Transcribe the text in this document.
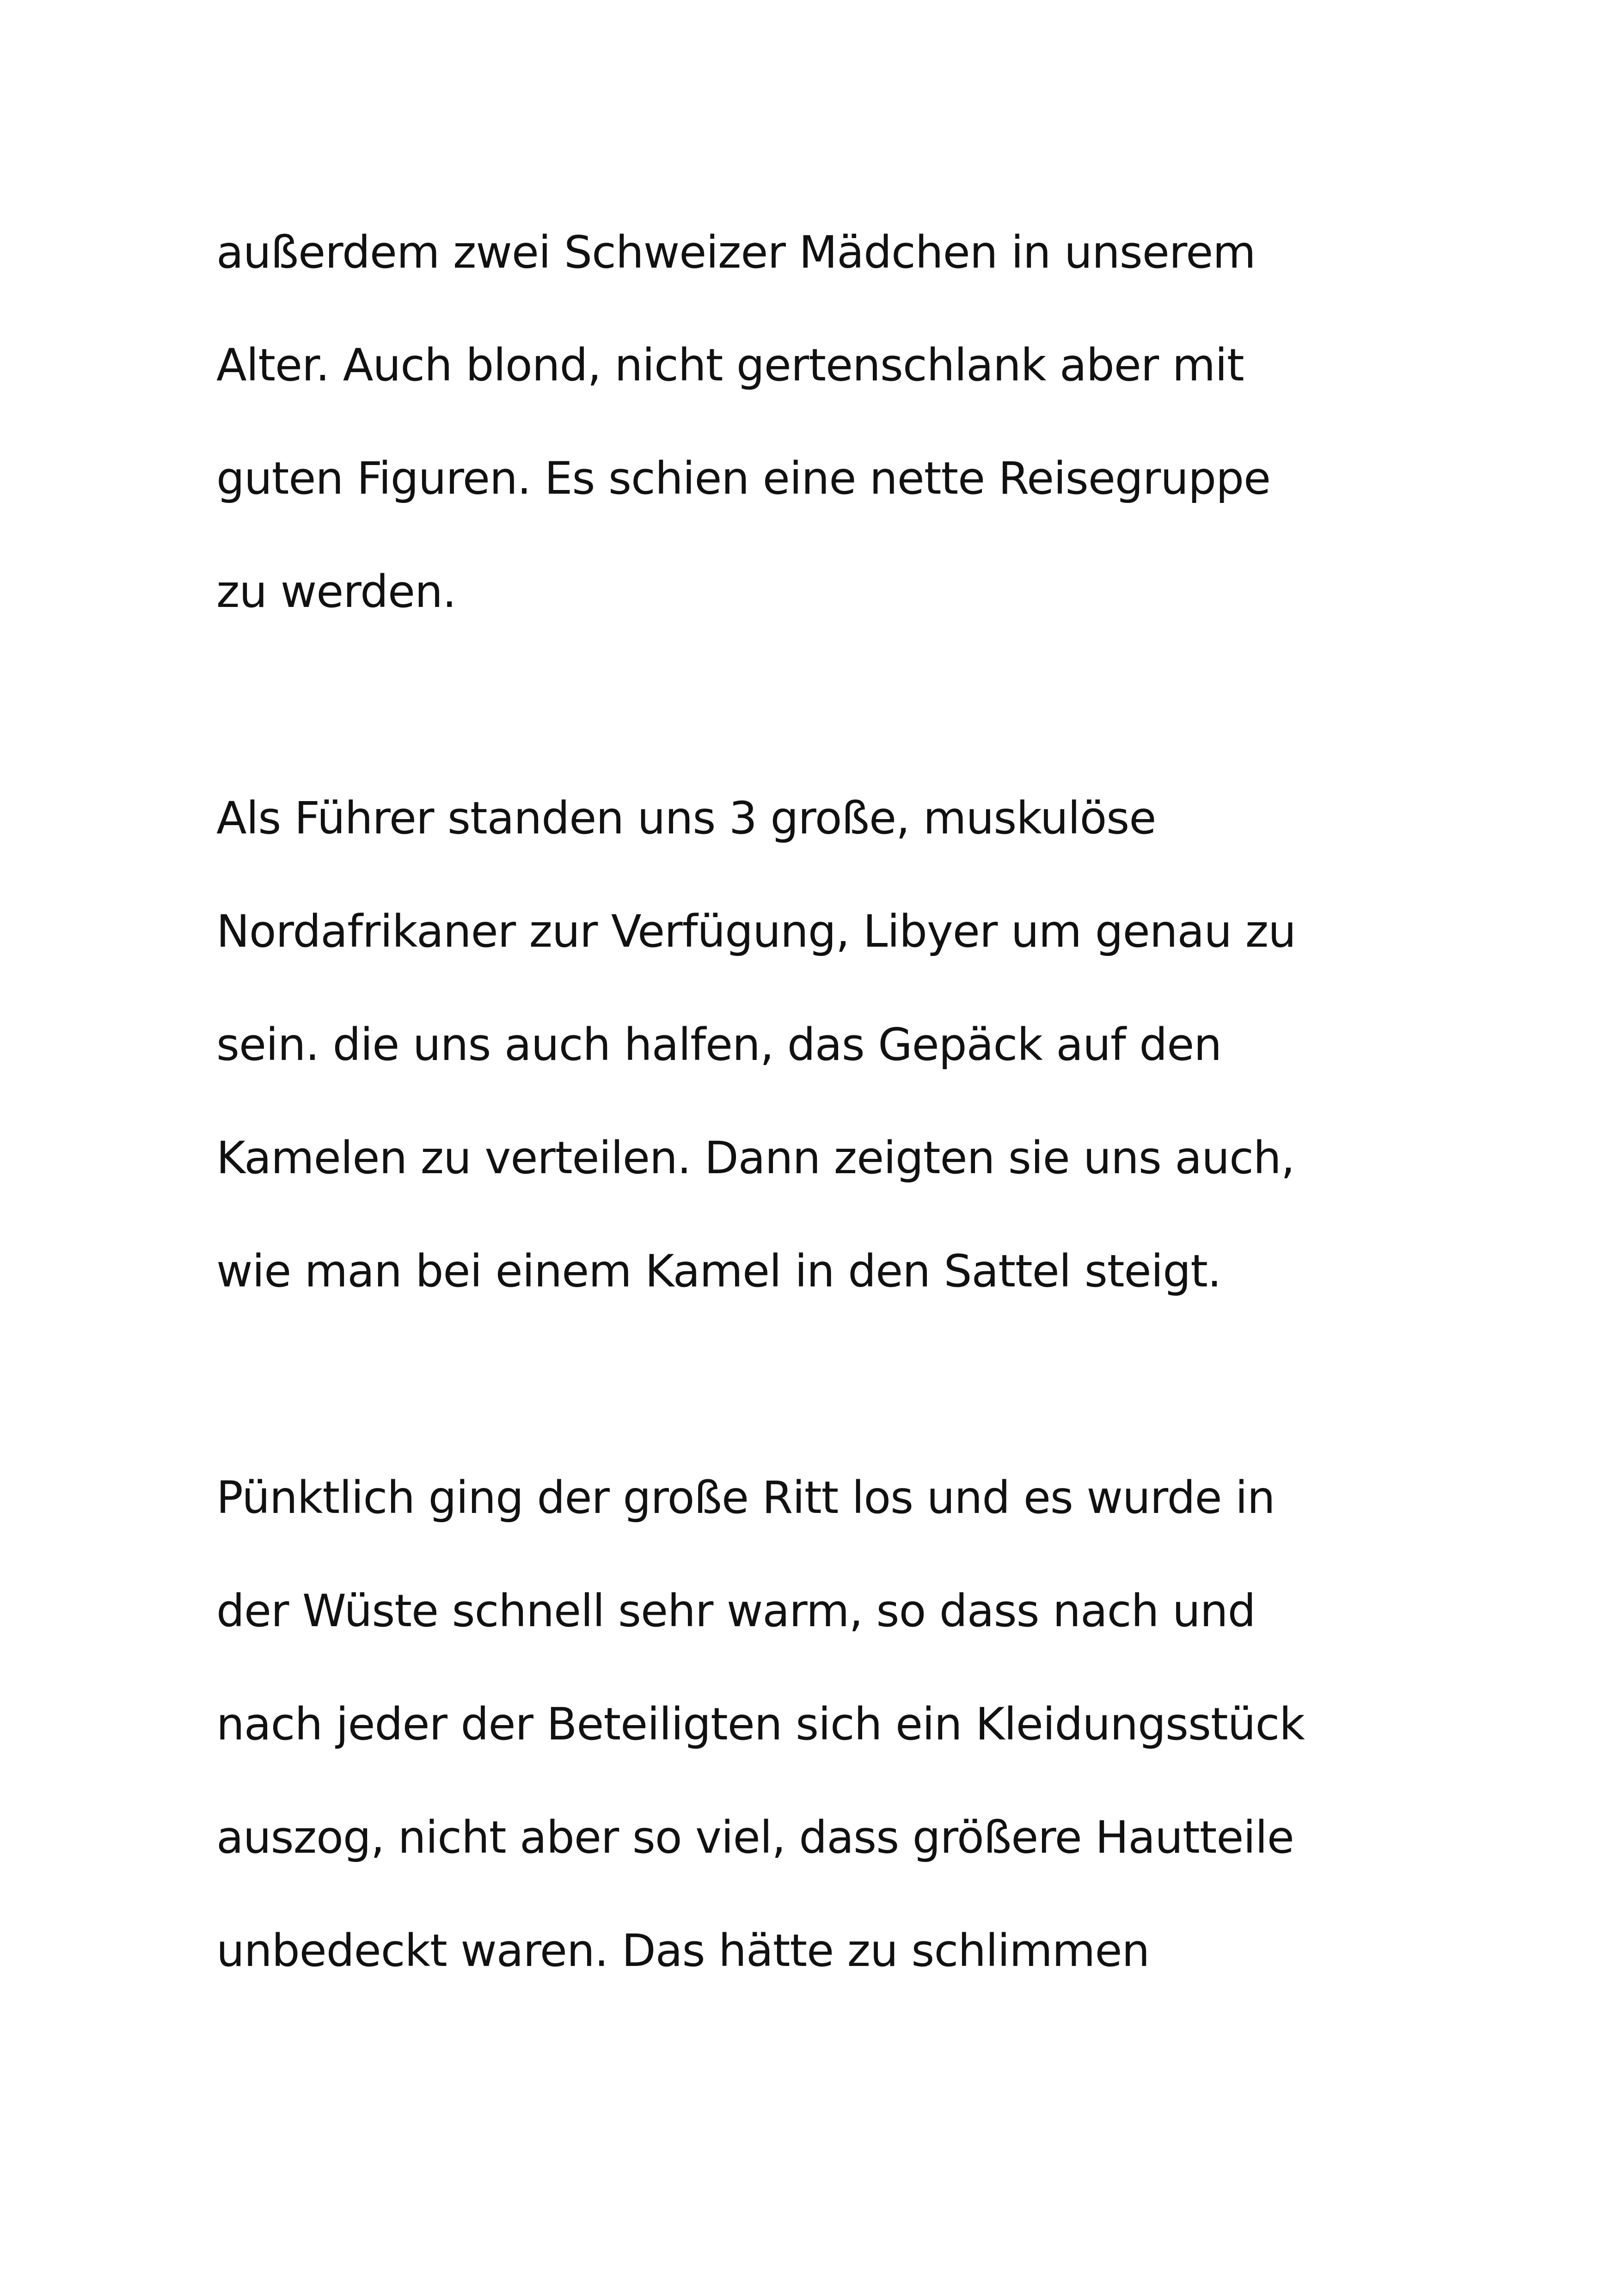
außerdem zwei Schweizer Mädchen in unserem

Alter. Auch blond, nicht gertenschlank aber mit

guten Figuren. Es schien eine nette Reisegruppe

zu werden.

Als Führer standen uns 3 große, muskulöse

Nordafrikaner zur Verfügung, Libyer um genau zu

sein. die uns auch halfen, das Gepäck auf den

Kamelen zu verteilen. Dann zeigten sie uns auch,

wie man bei einem Kamel in den Sattel steigt.

Pünktlich ging der große Ritt los und es wurde in

der Wüste schnell sehr warm, so dass nach und

nach jeder der Beteiligten sich ein Kleidungsstück

auszog, nicht aber so viel, dass größere Hautteile

unbedeckt waren. Das hätte zu schlimmen
